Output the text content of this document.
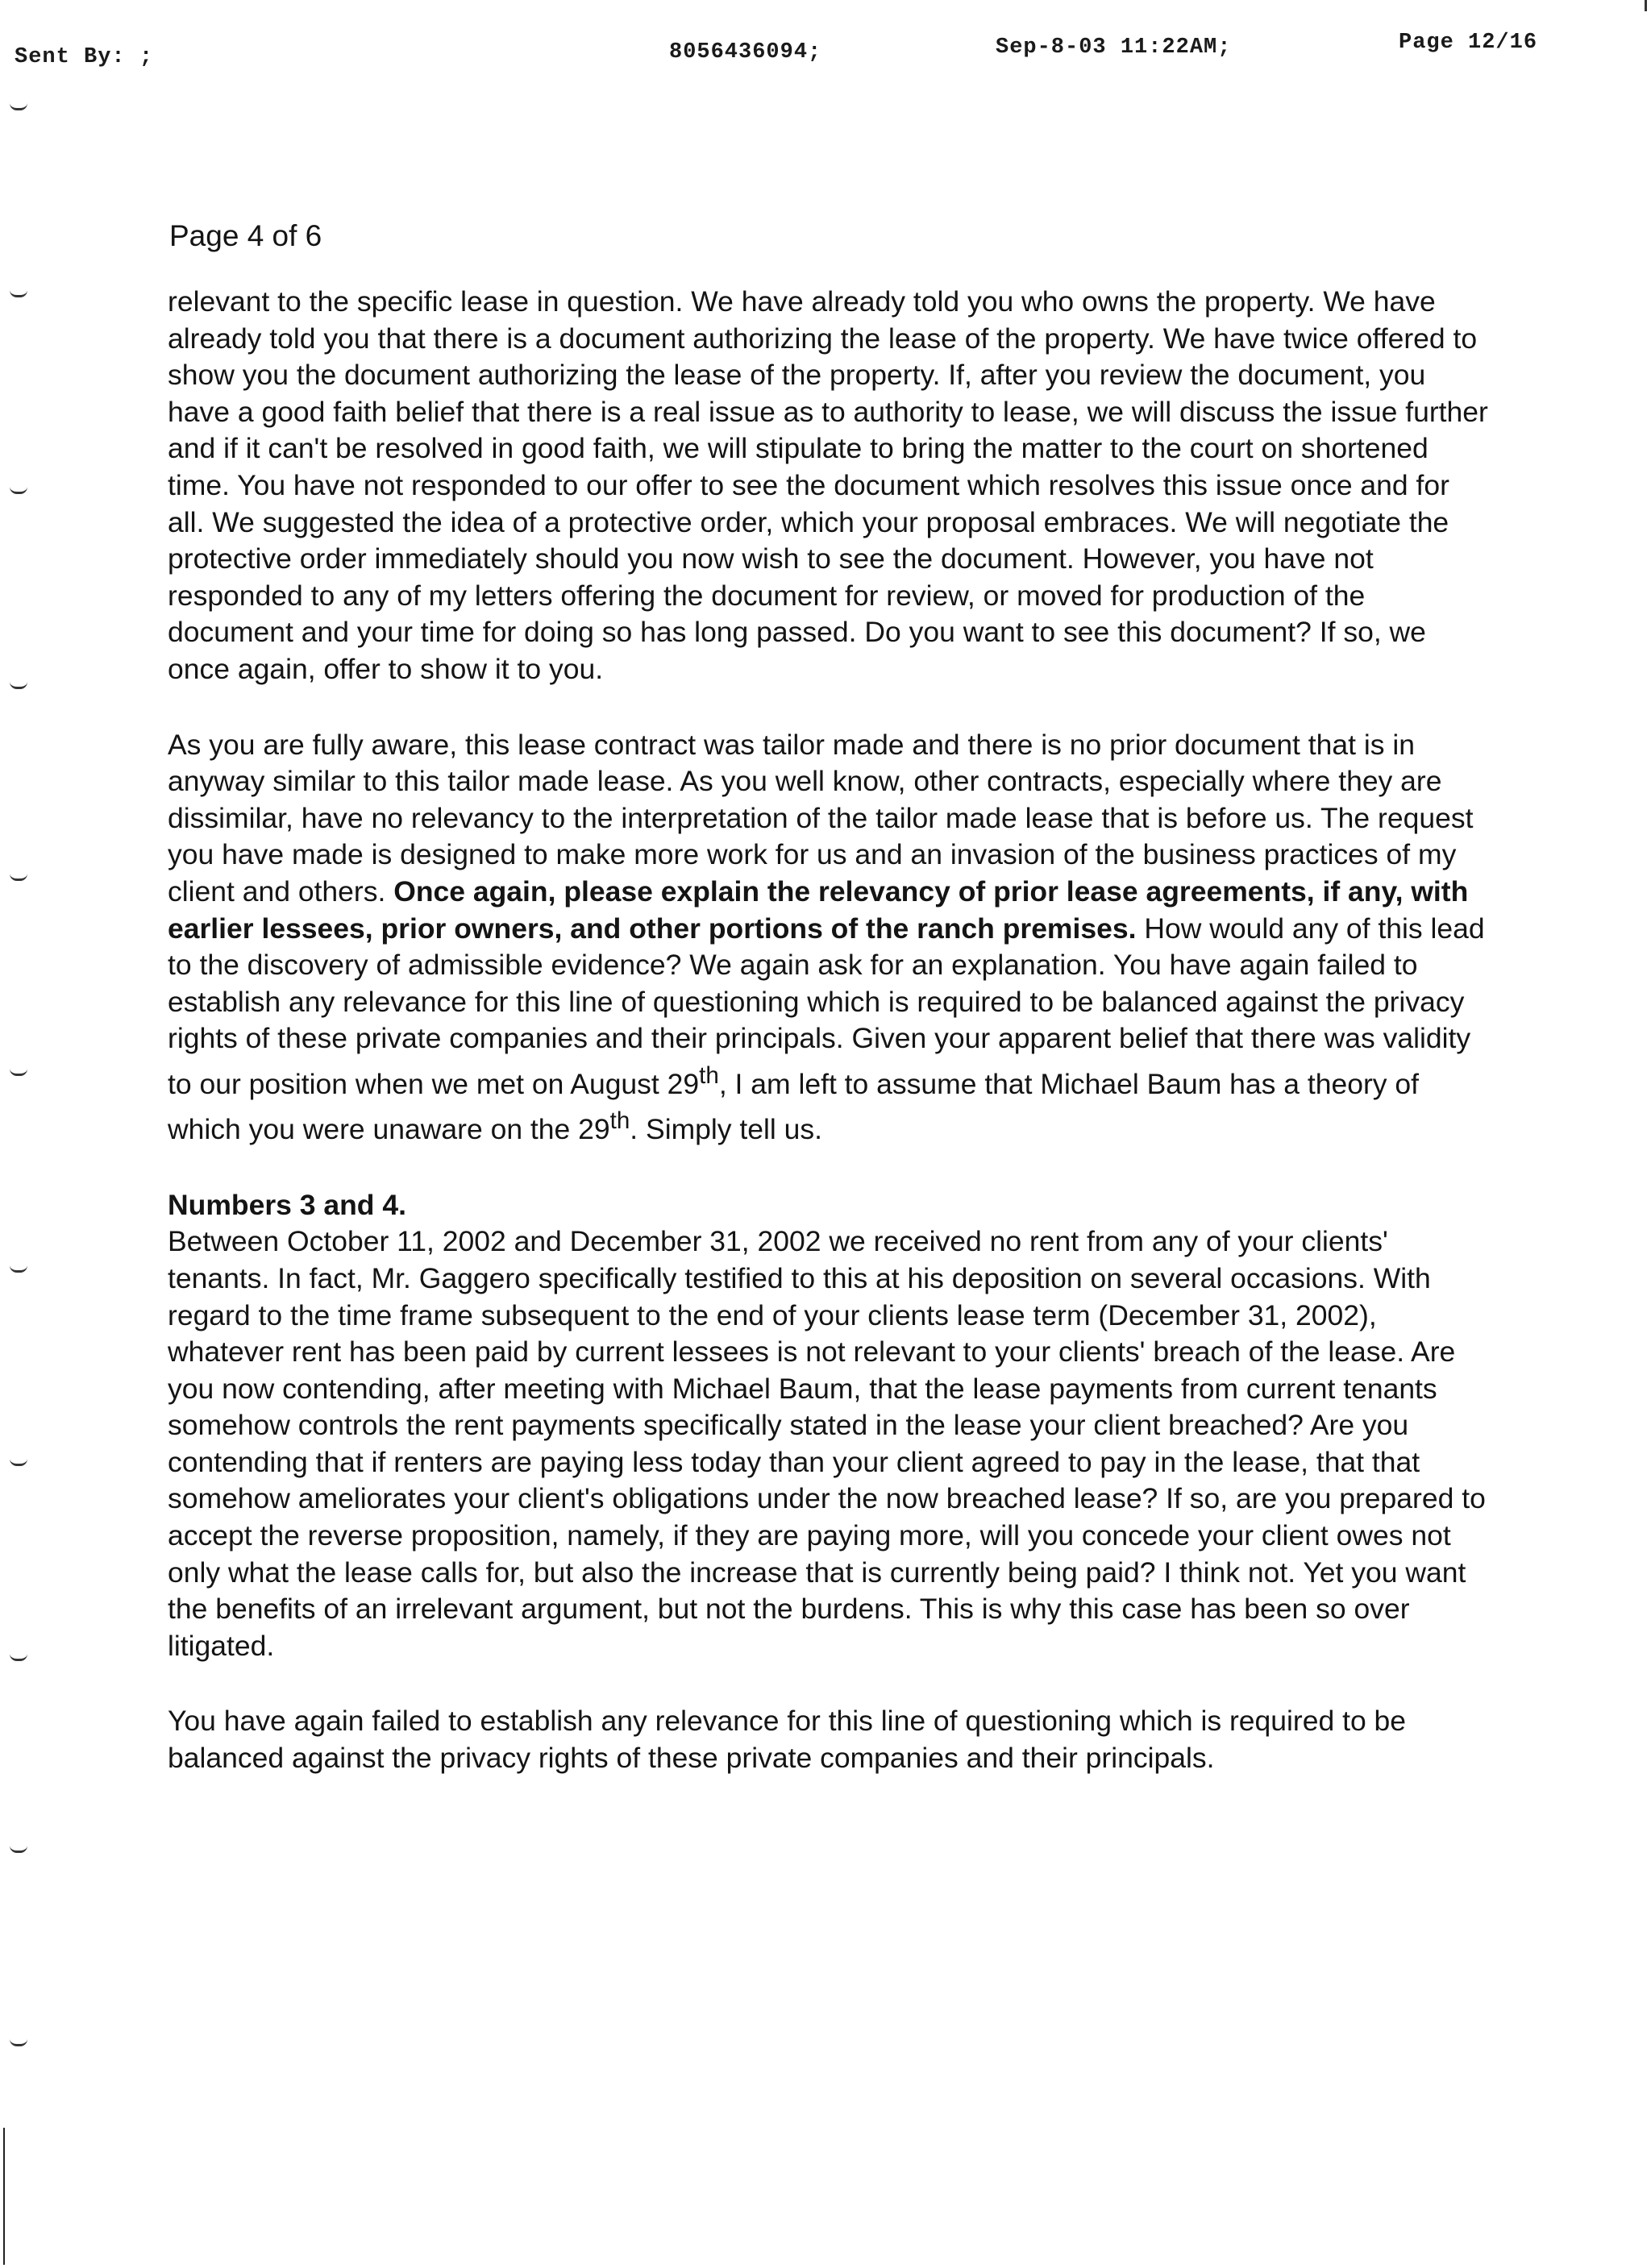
Sent By: ;	8056436094;	Sep-8-03 11:22AM;	Page 12/16
Page 4 of 6

relevant to the specific lease in question. We have already told you who owns the property. We have already told you that there is a document authorizing the lease of the property. We have twice offered to show you the document authorizing the lease of the property. If, after you review the document, you have a good faith belief that there is a real issue as to authority to lease, we will discuss the issue further and if it can't be resolved in good faith, we will stipulate to bring the matter to the court on shortened time. You have not responded to our offer to see the document which resolves this issue once and for all. We suggested the idea of a protective order, which your proposal embraces. We will negotiate the protective order immediately should you now wish to see the document. However, you have not responded to any of my letters offering the document for review, or moved for production of the document and your time for doing so has long passed. Do you want to see this document? If so, we once again, offer to show it to you.

As you are fully aware, this lease contract was tailor made and there is no prior document that is in anyway similar to this tailor made lease. As you well know, other contracts, especially where they are dissimilar, have no relevancy to the interpretation of the tailor made lease that is before us. The request you have made is designed to make more work for us and an invasion of the business practices of my client and others. Once again, please explain the relevancy of prior lease agreements, if any, with earlier lessees, prior owners, and other portions of the ranch premises. How would any of this lead to the discovery of admissible evidence? We again ask for an explanation. You have again failed to establish any relevance for this line of questioning which is required to be balanced against the privacy rights of these private companies and their principals. Given your apparent belief that there was validity to our position when we met on August 29th, I am left to assume that Michael Baum has a theory of which you were unaware on the 29th. Simply tell us.

Numbers 3 and 4.

Between October 11, 2002 and December 31, 2002 we received no rent from any of your clients' tenants. In fact, Mr. Gaggero specifically testified to this at his deposition on several occasions. With regard to the time frame subsequent to the end of your clients lease term (December 31, 2002), whatever rent has been paid by current lessees is not relevant to your clients' breach of the lease. Are you now contending, after meeting with Michael Baum, that the lease payments from current tenants somehow controls the rent payments specifically stated in the lease your client breached? Are you contending that if renters are paying less today than your client agreed to pay in the lease, that that somehow ameliorates your client's obligations under the now breached lease? If so, are you prepared to accept the reverse proposition, namely, if they are paying more, will you concede your client owes not only what the lease calls for, but also the increase that is currently being paid? I think not. Yet you want the benefits of an irrelevant argument, but not the burdens. This is why this case has been so over litigated.

You have again failed to establish any relevance for this line of questioning which is required to be balanced against the privacy rights of these private companies and their principals.
